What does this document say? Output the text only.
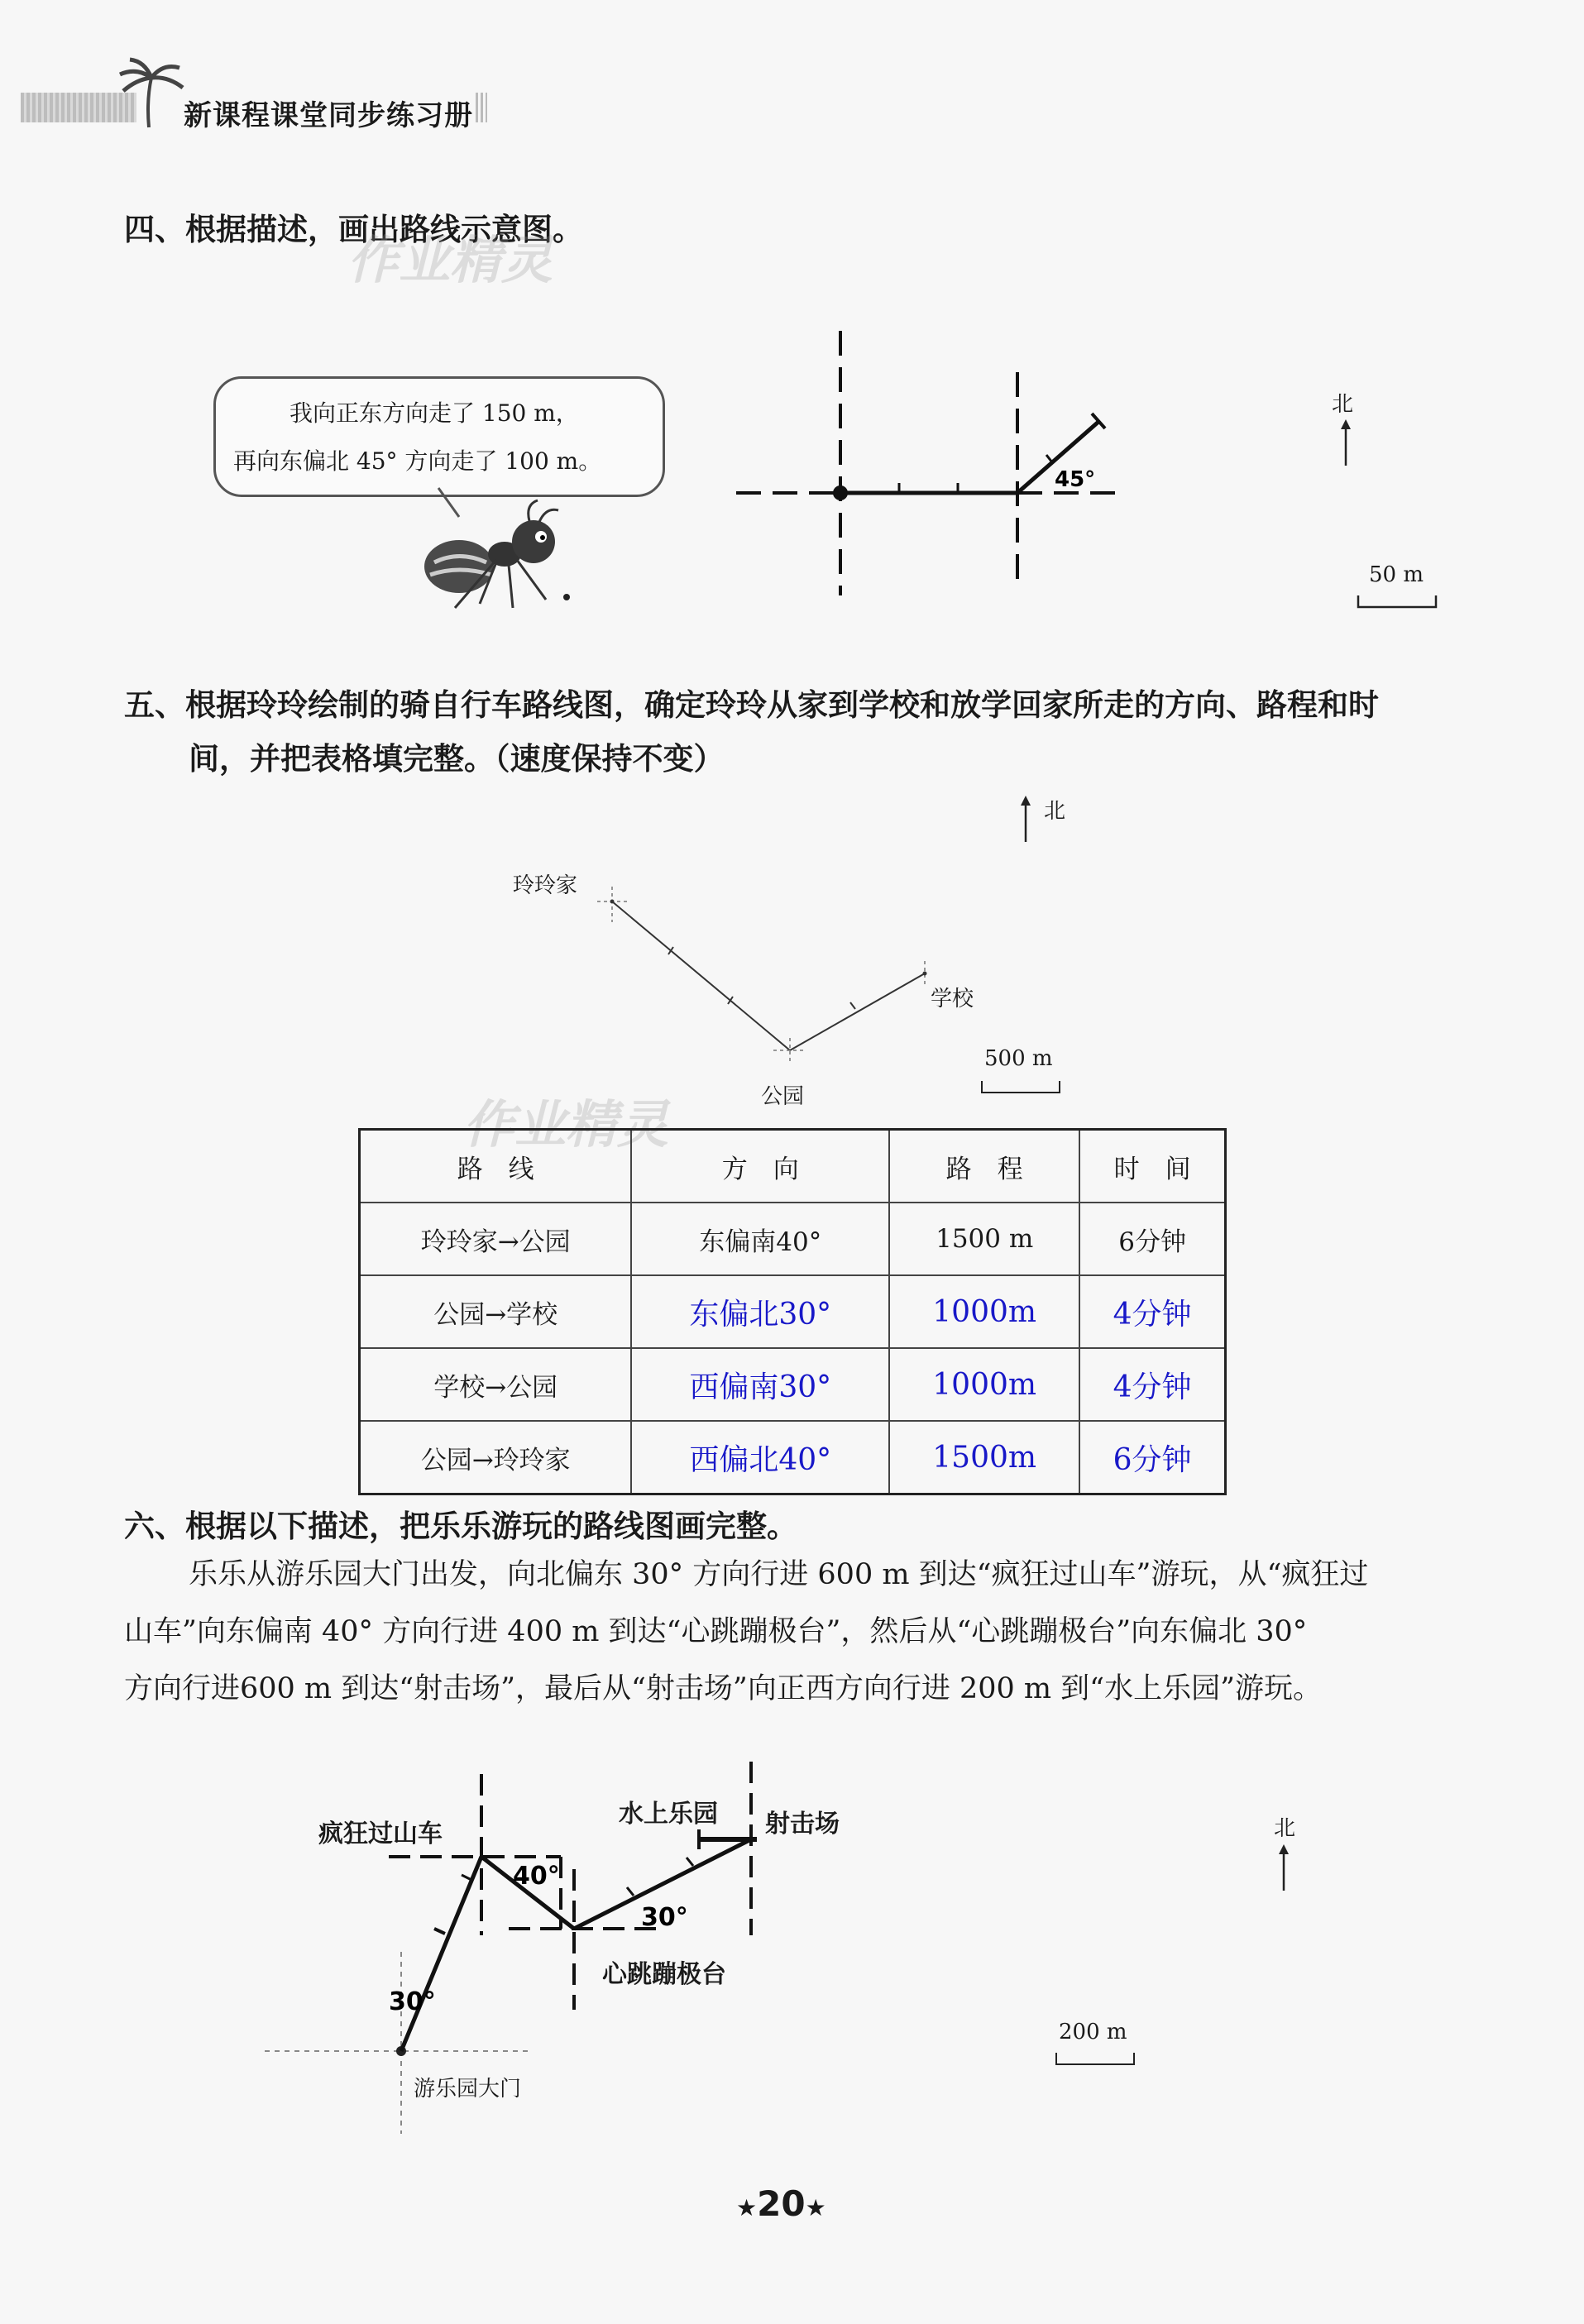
新课程课堂同步练习册
四、根据描述，画出路线示意图。
作业精灵
我向正东方向走了 150 m，
再向东偏北 45° 方向走了 100 m。
45°
北
50 m
五、根据玲玲绘制的骑自行车路线图，确定玲玲从家到学校和放学回家所走的方向、路程和时
间，并把表格填完整。（速度保持不变）
北
玲玲家
学校
公园
500 m
作业精灵
路　线	方　向	路　程	时　间
玲玲家→公园	东偏南40°	1500 m	6分钟
公园→学校	东偏北30°	1000m	4分钟
学校→公园	西偏南30°	1000m	4分钟
公园→玲玲家	西偏北40°	1500m	6分钟
六、根据以下描述，把乐乐游玩的路线图画完整。
乐乐从游乐园大门出发，向北偏东 30° 方向行进 600 m 到达“疯狂过山车”游玩，从“疯狂过
山车”向东偏南 40° 方向行进 400 m 到达“心跳蹦极台”，然后从“心跳蹦极台”向东偏北 30°
方向行进600 m 到达“射击场”，最后从“射击场”向正西方向行进 200 m 到“水上乐园”游玩。
40°
30°
30°
疯狂过山车
水上乐园 射击场
心跳蹦极台
游乐园大门
北
200 m
★20★
